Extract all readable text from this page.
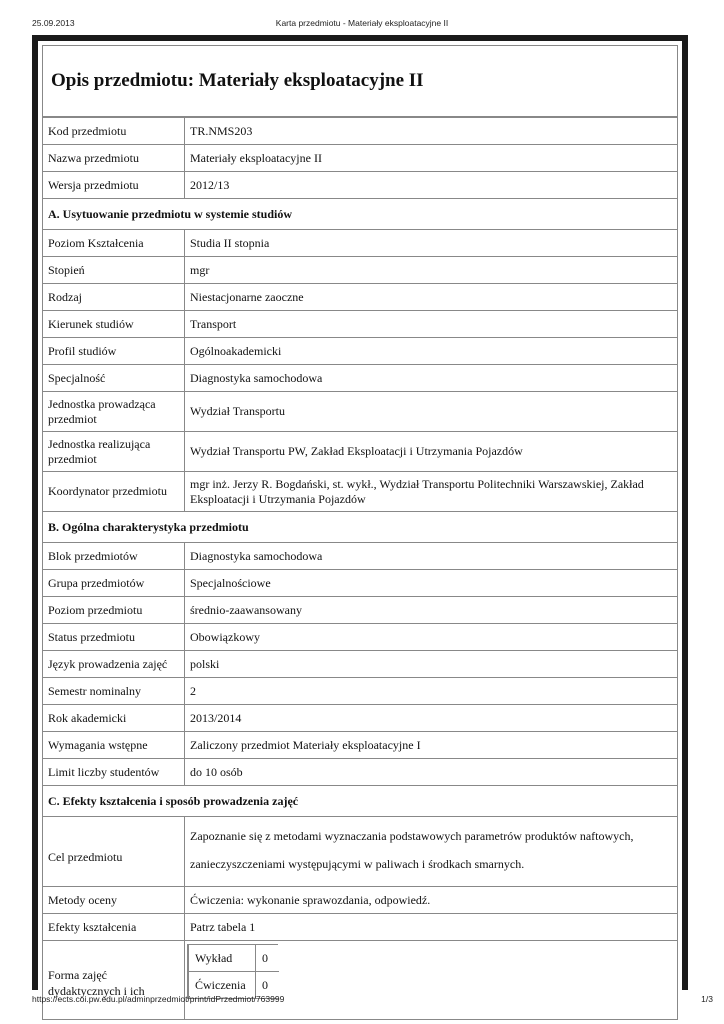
25.09.2013	Karta przedmiotu - Materiały eksploatacyjne II
Opis przedmiotu: Materiały eksploatacyjne II
Kod przedmiotu	TR.NMS203
Nazwa przedmiotu	Materiały eksploatacyjne II
Wersja przedmiotu	2012/13
A. Usytuowanie przedmiotu w systemie studiów
Poziom Kształcenia	Studia II stopnia
Stopień	mgr
Rodzaj	Niestacjonarne zaoczne
Kierunek studiów	Transport
Profil studiów	Ogólnoakademicki
Specjalność	Diagnostyka samochodowa
Jednostka prowadząca przedmiot	Wydział Transportu
Jednostka realizująca przedmiot	Wydział Transportu PW, Zakład Eksploatacji i Utrzymania Pojazdów
Koordynator przedmiotu	mgr inż. Jerzy R. Bogdański, st. wykł., Wydział Transportu Politechniki Warszawskiej, Zakład Eksploatacji i Utrzymania Pojazdów
B. Ogólna charakterystyka przedmiotu
Blok przedmiotów	Diagnostyka samochodowa
Grupa przedmiotów	Specjalnościowe
Poziom przedmiotu	średnio-zaawansowany
Status przedmiotu	Obowiązkowy
Język prowadzenia zajęć	polski
Semestr nominalny	2
Rok akademicki	2013/2014
Wymagania wstępne	Zaliczony przedmiot Materiały eksploatacyjne I
Limit liczby studentów	do 10 osób
C. Efekty kształcenia i sposób prowadzenia zajęć
Cel przedmiotu	Zapoznanie się z metodami wyznaczania podstawowych parametrów produktów naftowych, zanieczyszczeniami występującymi w paliwach i środkach smarnych.
Metody oceny	Ćwiczenia: wykonanie sprawozdania, odpowiedź.
Efekty kształcenia	Patrz tabela 1
Forma zajęć dydaktycznych i ich	
Wykład	0
Ćwiczenia	0
https://ects.coi.pw.edu.pl/adminprzedmiot/print/idPrzedmiot/763999	1/3
